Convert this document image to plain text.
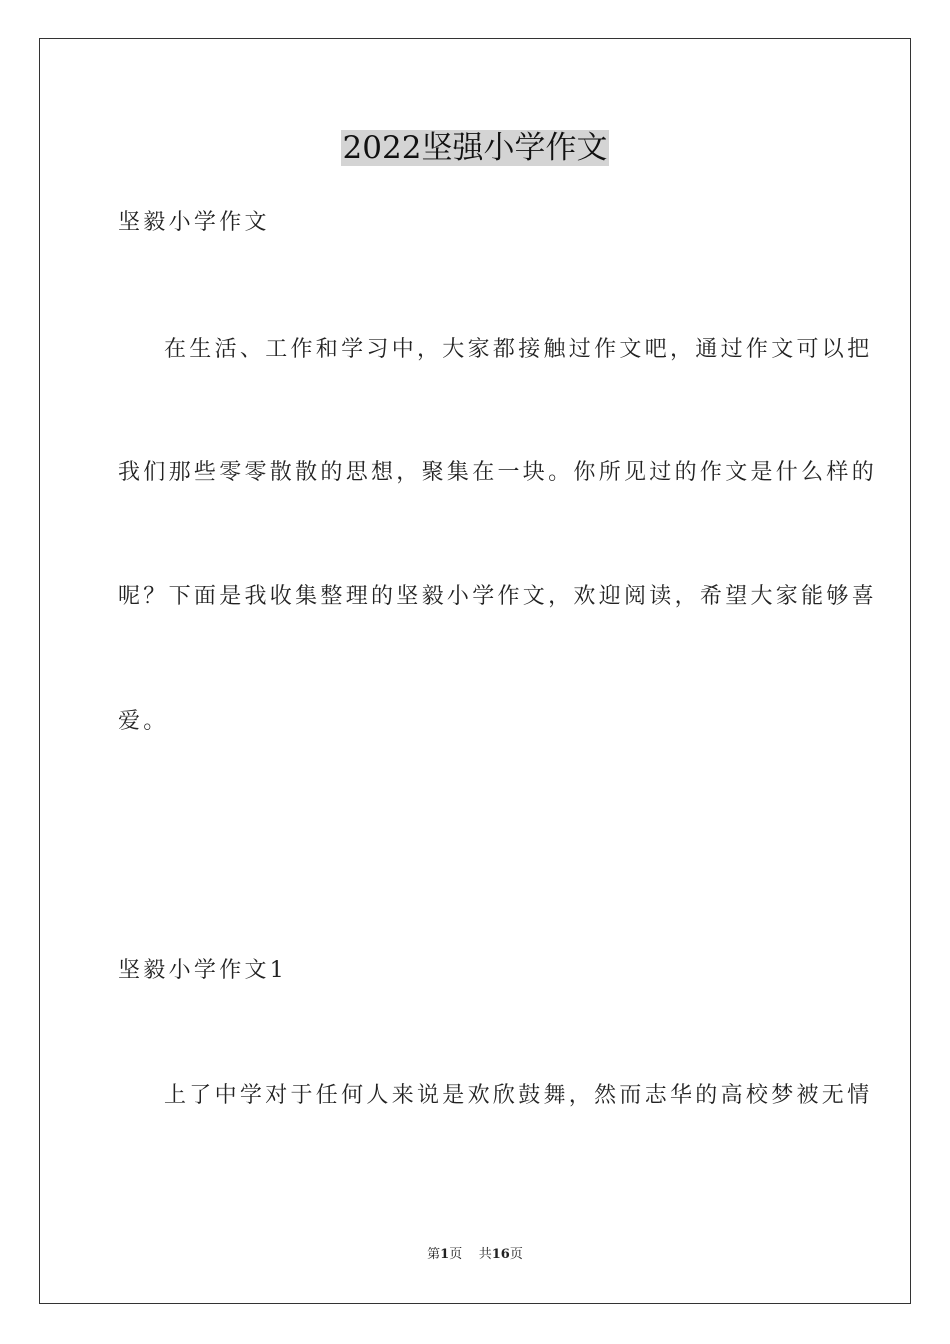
2022坚强小学作文
坚毅小学作文
在生活、工作和学习中，大家都接触过作文吧，通过作文可以把
我们那些零零散散的思想，聚集在一块。你所见过的作文是什么样的
呢？下面是我收集整理的坚毅小学作文，欢迎阅读，希望大家能够喜
爱。
坚毅小学作文1
上了中学对于任何人来说是欢欣鼓舞，然而志华的高校梦被无情
第1页 共16页
